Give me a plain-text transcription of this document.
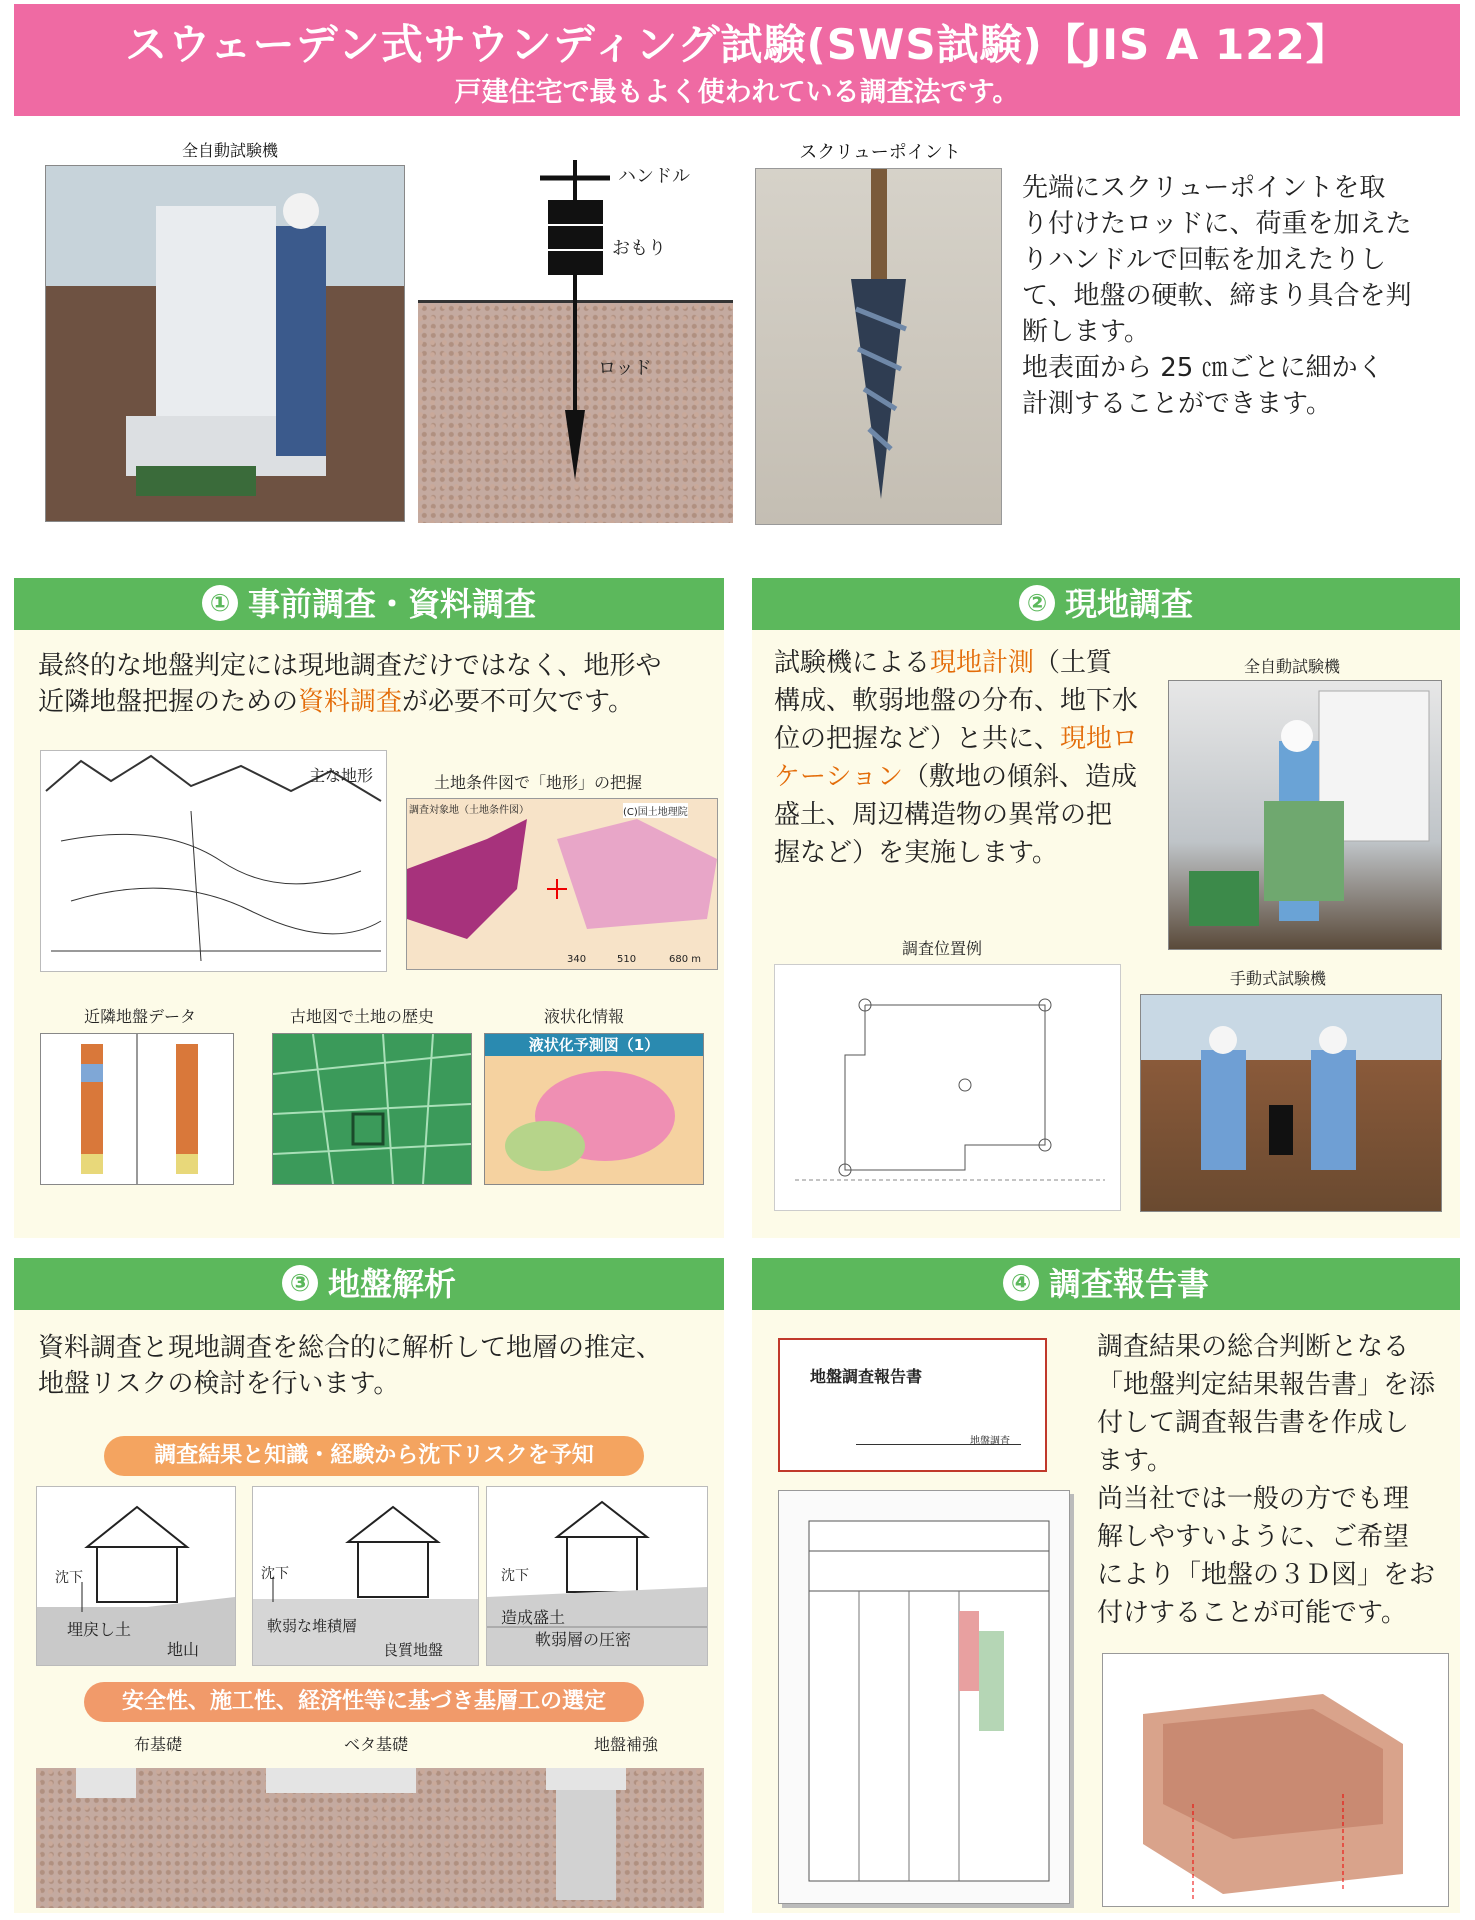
スウェーデン式サウンディング試験(SWS試験)【JIS A 122】
戸建住宅で最もよく使われている調査法です。
全自動試験機
ハンドル
おもり
ロッド
スクリューポイント
先端にスクリューポイントを取
り付けたロッドに、荷重を加えた
りハンドルで回転を加えたりし
て、地盤の硬軟、締まり具合を判
断します。
地表面から 25 ㎝ごとに細かく
計測することができます。
① 事前調査・資料調査
最終的な地盤判定には現地調査だけではなく、地形や
近隣地盤把握のための資料調査が必要不可欠です。
主な地形	土地条件図で「地形」の把握
調査対象地（土地条件図）	(C)国土地理院
340	510	680 m
近隣地盤データ	古地図で土地の歴史	液状化情報
液状化予測図（1）
② 現地調査
試験機による現地計測（土質
構成、軟弱地盤の分布、地下水
位の把握など）と共に、現地ロ
ケーション（敷地の傾斜、造成
盛土、周辺構造物の異常の把
握など）を実施します。
全自動試験機
調査位置例
手動式試験機
③ 地盤解析
資料調査と現地調査を総合的に解析して地層の推定、
地盤リスクの検討を行います。
調査結果と知識・経験から沈下リスクを予知
沈下
埋戻し土
地山
沈下
軟弱な堆積層
良質地盤
沈下
造成盛土
軟弱層の圧密
安全性、施工性、経済性等に基づき基層工の選定
布基礎	ベタ基礎	地盤補強
④ 調査報告書
地盤調査報告書
地盤調査
調査結果の総合判断となる
「地盤判定結果報告書」を添
付して調査報告書を作成し
ます。
尚当社では一般の方でも理
解しやすいように、ご希望
により「地盤の３Ｄ図」をお
付けすることが可能です。
